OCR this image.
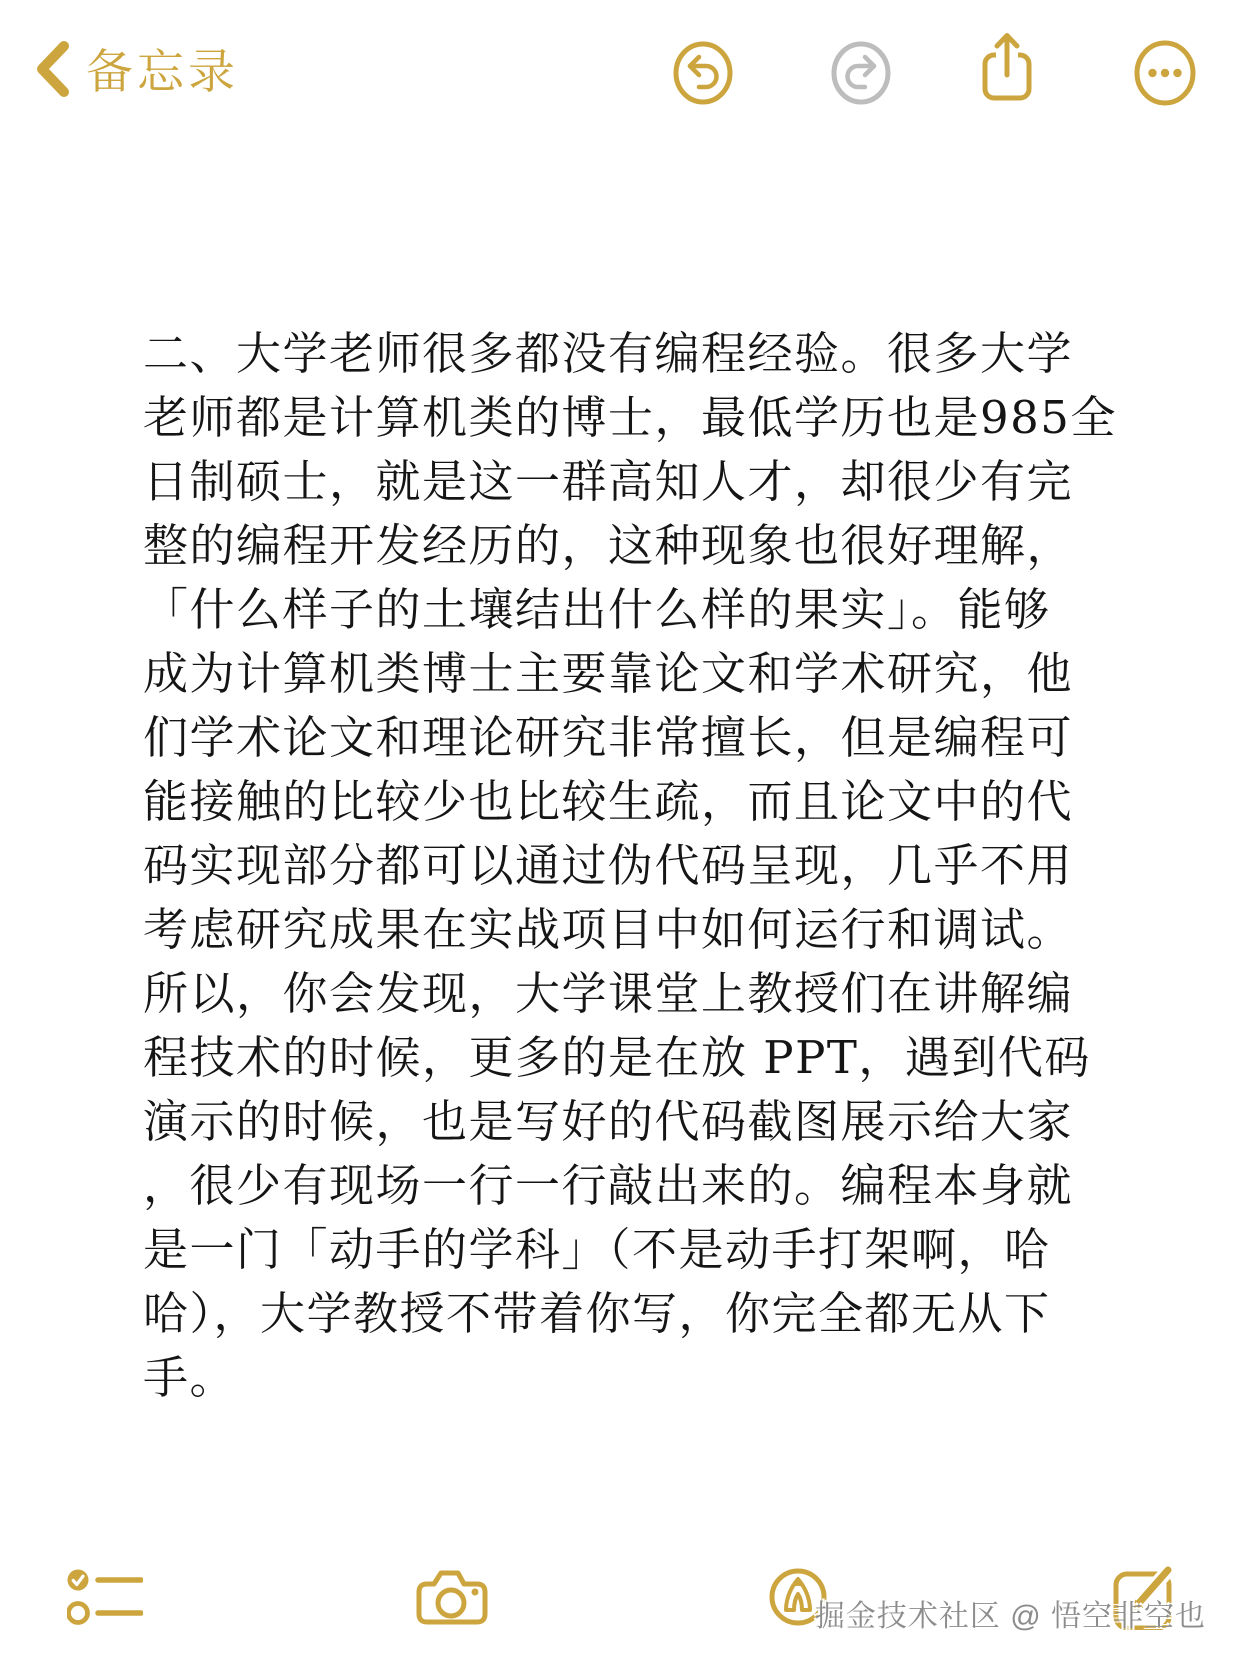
备忘录
二、大学老师很多都没有编程经验。很多大学
老师都是计算机类的博士，最低学历也是985全
日制硕士，就是这一群高知人才，却很少有完
整的编程开发经历的，这种现象也很好理解，
「什么样子的土壤结出什么样的果实」。能够
成为计算机类博士主要靠论文和学术研究，他
们学术论文和理论研究非常擅长，但是编程可
能接触的比较少也比较生疏，而且论文中的代
码实现部分都可以通过伪代码呈现，几乎不用
考虑研究成果在实战项目中如何运行和调试。
所以，你会发现，大学课堂上教授们在讲解编
程技术的时候，更多的是在放 PPT，遇到代码
演示的时候，也是写好的代码截图展示给大家
，很少有现场一行一行敲出来的。编程本身就
是一门「动手的学科」（不是动手打架啊，哈
哈），大学教授不带着你写，你完全都无从下
手。
掘金技术社区 @ 悟空非空也
